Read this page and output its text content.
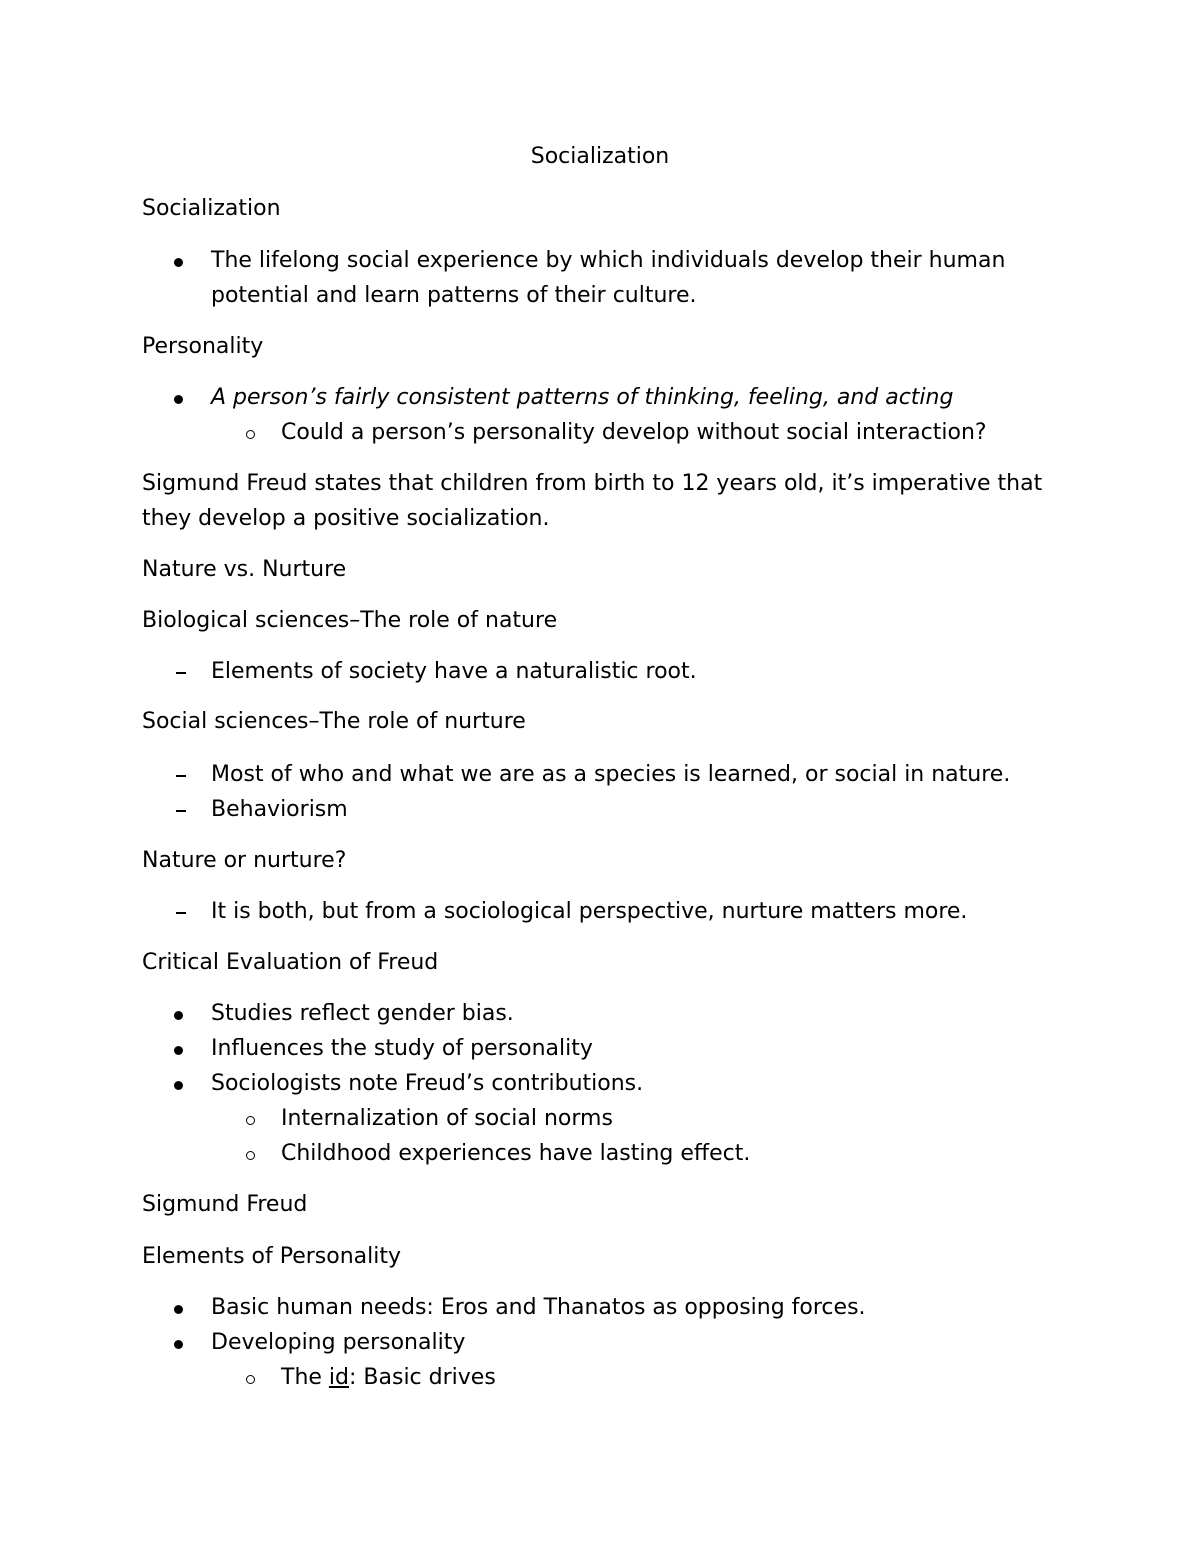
Socialization
Socialization
The lifelong social experience by which individuals develop their human
potential and learn patterns of their culture.
Personality
A person’s fairly consistent patterns of thinking, feeling, and acting
Could a person’s personality develop without social interaction?
Sigmund Freud states that children from birth to 12 years old, it’s imperative that
they develop a positive socialization.
Nature vs. Nurture
Biological sciences–The role of nature
Elements of society have a naturalistic root.
Social sciences–The role of nurture
Most of who and what we are as a species is learned, or social in nature.
Behaviorism
Nature or nurture?
It is both, but from a sociological perspective, nurture matters more.
Critical Evaluation of Freud
Studies reflect gender bias.
Influences the study of personality
Sociologists note Freud’s contributions.
Internalization of social norms
Childhood experiences have lasting effect.
Sigmund Freud
Elements of Personality
Basic human needs: Eros and Thanatos as opposing forces.
Developing personality
The id: Basic drives
